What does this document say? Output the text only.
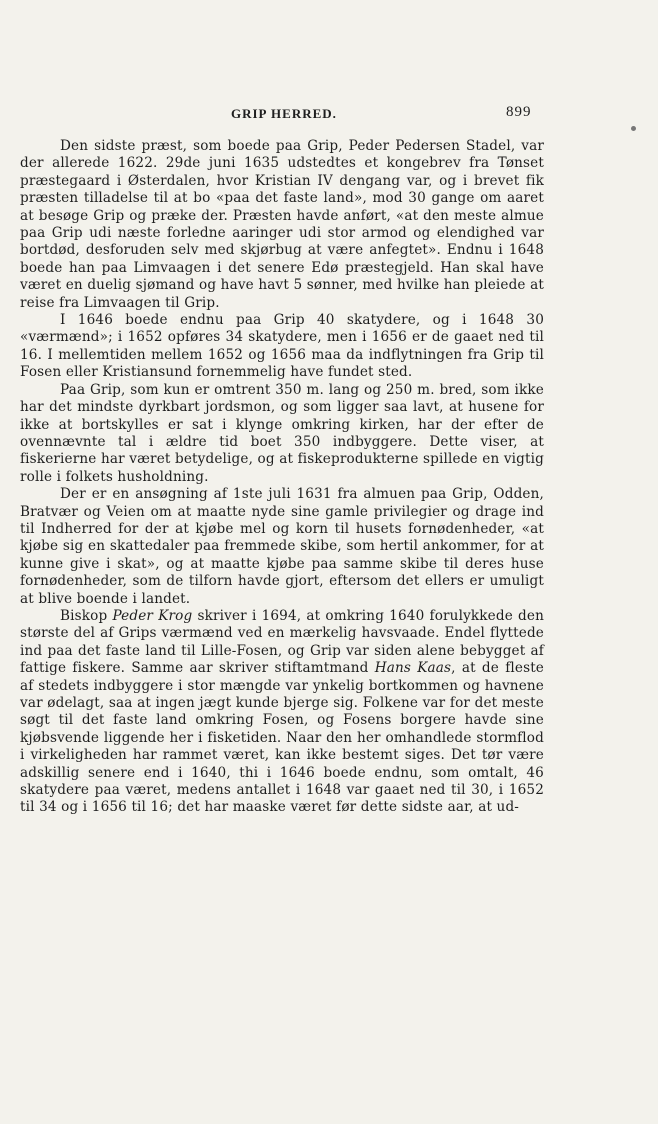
GRIP HERRED.	899

Den sidste præst, som boede paa Grip, Peder Pedersen Stadel, var der allerede 1622. 29de juni 1635 udstedtes et kongebrev fra Tønset præstegaard i Østerdalen, hvor Kristian IV dengang var, og i brevet fik præsten tilladelse til at bo «paa det faste land», mod 30 gange om aaret at besøge Grip og præke der. Præsten havde anført, «at den meste almue paa Grip udi næste forledne aaringer udi stor armod og elendighed var bortdød, desforuden selv med skjørbug at være anfegtet». Endnu i 1648 boede han paa Limvaagen i det senere Edø præstegjeld. Han skal have været en duelig sjømand og have havt 5 sønner, med hvilke han pleiede at reise fra Limvaagen til Grip.

I 1646 boede endnu paa Grip 40 skatydere, og i 1648 30 «værmænd»; i 1652 opføres 34 skatydere, men i 1656 er de gaaet ned til 16. I mellemtiden mellem 1652 og 1656 maa da indflytningen fra Grip til Fosen eller Kristiansund fornemmelig have fundet sted.

Paa Grip, som kun er omtrent 350 m. lang og 250 m. bred, som ikke har det mindste dyrkbart jordsmon, og som ligger saa lavt, at husene for ikke at bortskylles er sat i klynge omkring kirken, har der efter de ovennævnte tal i ældre tid boet 350 indbyggere. Dette viser, at fiskerierne har været betydelige, og at fiskeprodukterne spillede en vigtig rolle i folkets husholdning.

Der er en ansøgning af 1ste juli 1631 fra almuen paa Grip, Odden, Bratvær og Veien om at maatte nyde sine gamle privilegier og drage ind til Indherred for der at kjøbe mel og korn til husets fornødenheder, «at kjøbe sig en skattedaler paa fremmede skibe, som hertil ankommer, for at kunne give i skat», og at maatte kjøbe paa samme skibe til deres huse fornødenheder, som de tilforn havde gjort, eftersom det ellers er umuligt at blive boende i landet.

Biskop Peder Krog skriver i 1694, at omkring 1640 forulykkede den største del af Grips værmænd ved en mærkelig havsvaade. Endel flyttede ind paa det faste land til Lille-Fosen, og Grip var siden alene bebygget af fattige fiskere. Samme aar skriver stiftamtmand Hans Kaas, at de fleste af stedets indbyggere i stor mængde var ynkelig bortkommen og havnene var ødelagt, saa at ingen jægt kunde bjerge sig. Folkene var for det meste søgt til det faste land omkring Fosen, og Fosens borgere havde sine kjøbsvende liggende her i fisketiden. Naar den her omhandlede stormflod i virkeligheden har rammet været, kan ikke bestemt siges. Det tør være adskillig senere end i 1640, thi i 1646 boede endnu, som omtalt, 46 skatydere paa været, medens antallet i 1648 var gaaet ned til 30, i 1652 til 34 og i 1656 til 16; det har maaske været før dette sidste aar, at ud-
